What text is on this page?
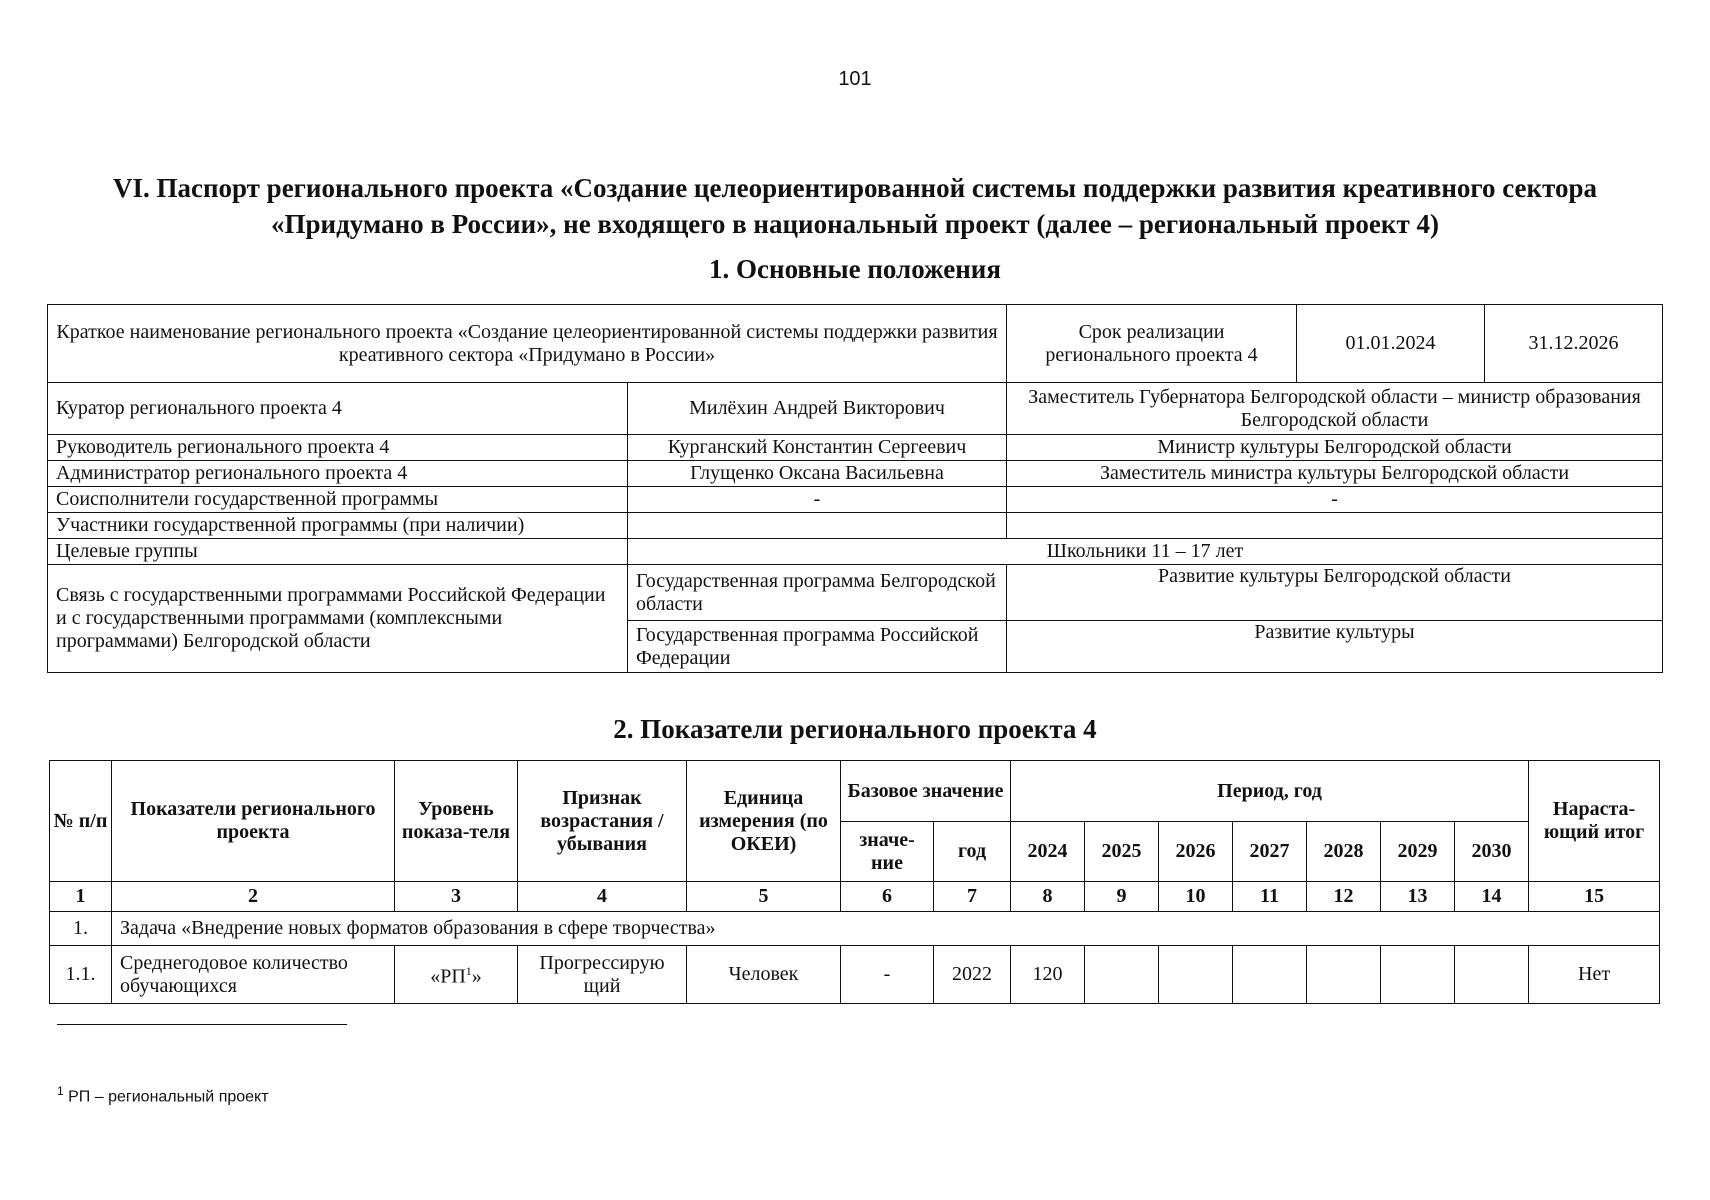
101
VI. Паспорт регионального проекта «Создание целеориентированной системы поддержки развития креативного сектора «Придумано в России», не входящего в национальный проект (далее – региональный проект 4)
1. Основные положения
Краткое наименование регионального проекта «Создание целеориентированной системы поддержки развития креативного сектора «Придумано в России»		Срок реализации регионального проекта 4	01.01.2024	31.12.2026
Куратор регионального проекта 4	Милёхин Андрей Викторович	Заместитель Губернатора Белгородской области – министр образования Белгородской области		
Руководитель регионального проекта 4	Курганский Константин Сергеевич	Министр культуры Белгородской области		
Администратор регионального проекта 4	Глущенко Оксана Васильевна	Заместитель министра культуры Белгородской области		
Соисполнители государственной программы	-	-		
Участники государственной программы (при наличии)				
Целевые группы	Школьники 11 – 17 лет			
Связь с государственными программами Российской Федерации и с государственными программами (комплексными программами) Белгородской области	Государственная программа Белгородской области	Развитие культуры Белгородской области		
	Государственная программа Российской Федерации	Развитие культуры		
2. Показатели регионального проекта 4
№ п/п	Показатели регионального проекта	Уровень показа-теля	Признак возрастания / убывания	Единица измерения (по ОКЕИ)	Базовое значение		Период, год							Нараста-ющий итог
					значе-ние	год	2024	2025	2026	2027	2028	2029	2030	
1	2	3	4	5	6	7	8	9	10	11	12	13	14	15
1.	Задача «Внедрение новых форматов образования в сфере творчества»													
1.1.	Среднегодовое количество обучающихся	«$РП^1$»	Прогрессирую щий	Человек	-	2022	120							Нет
$^1$ РП – региональный проект
